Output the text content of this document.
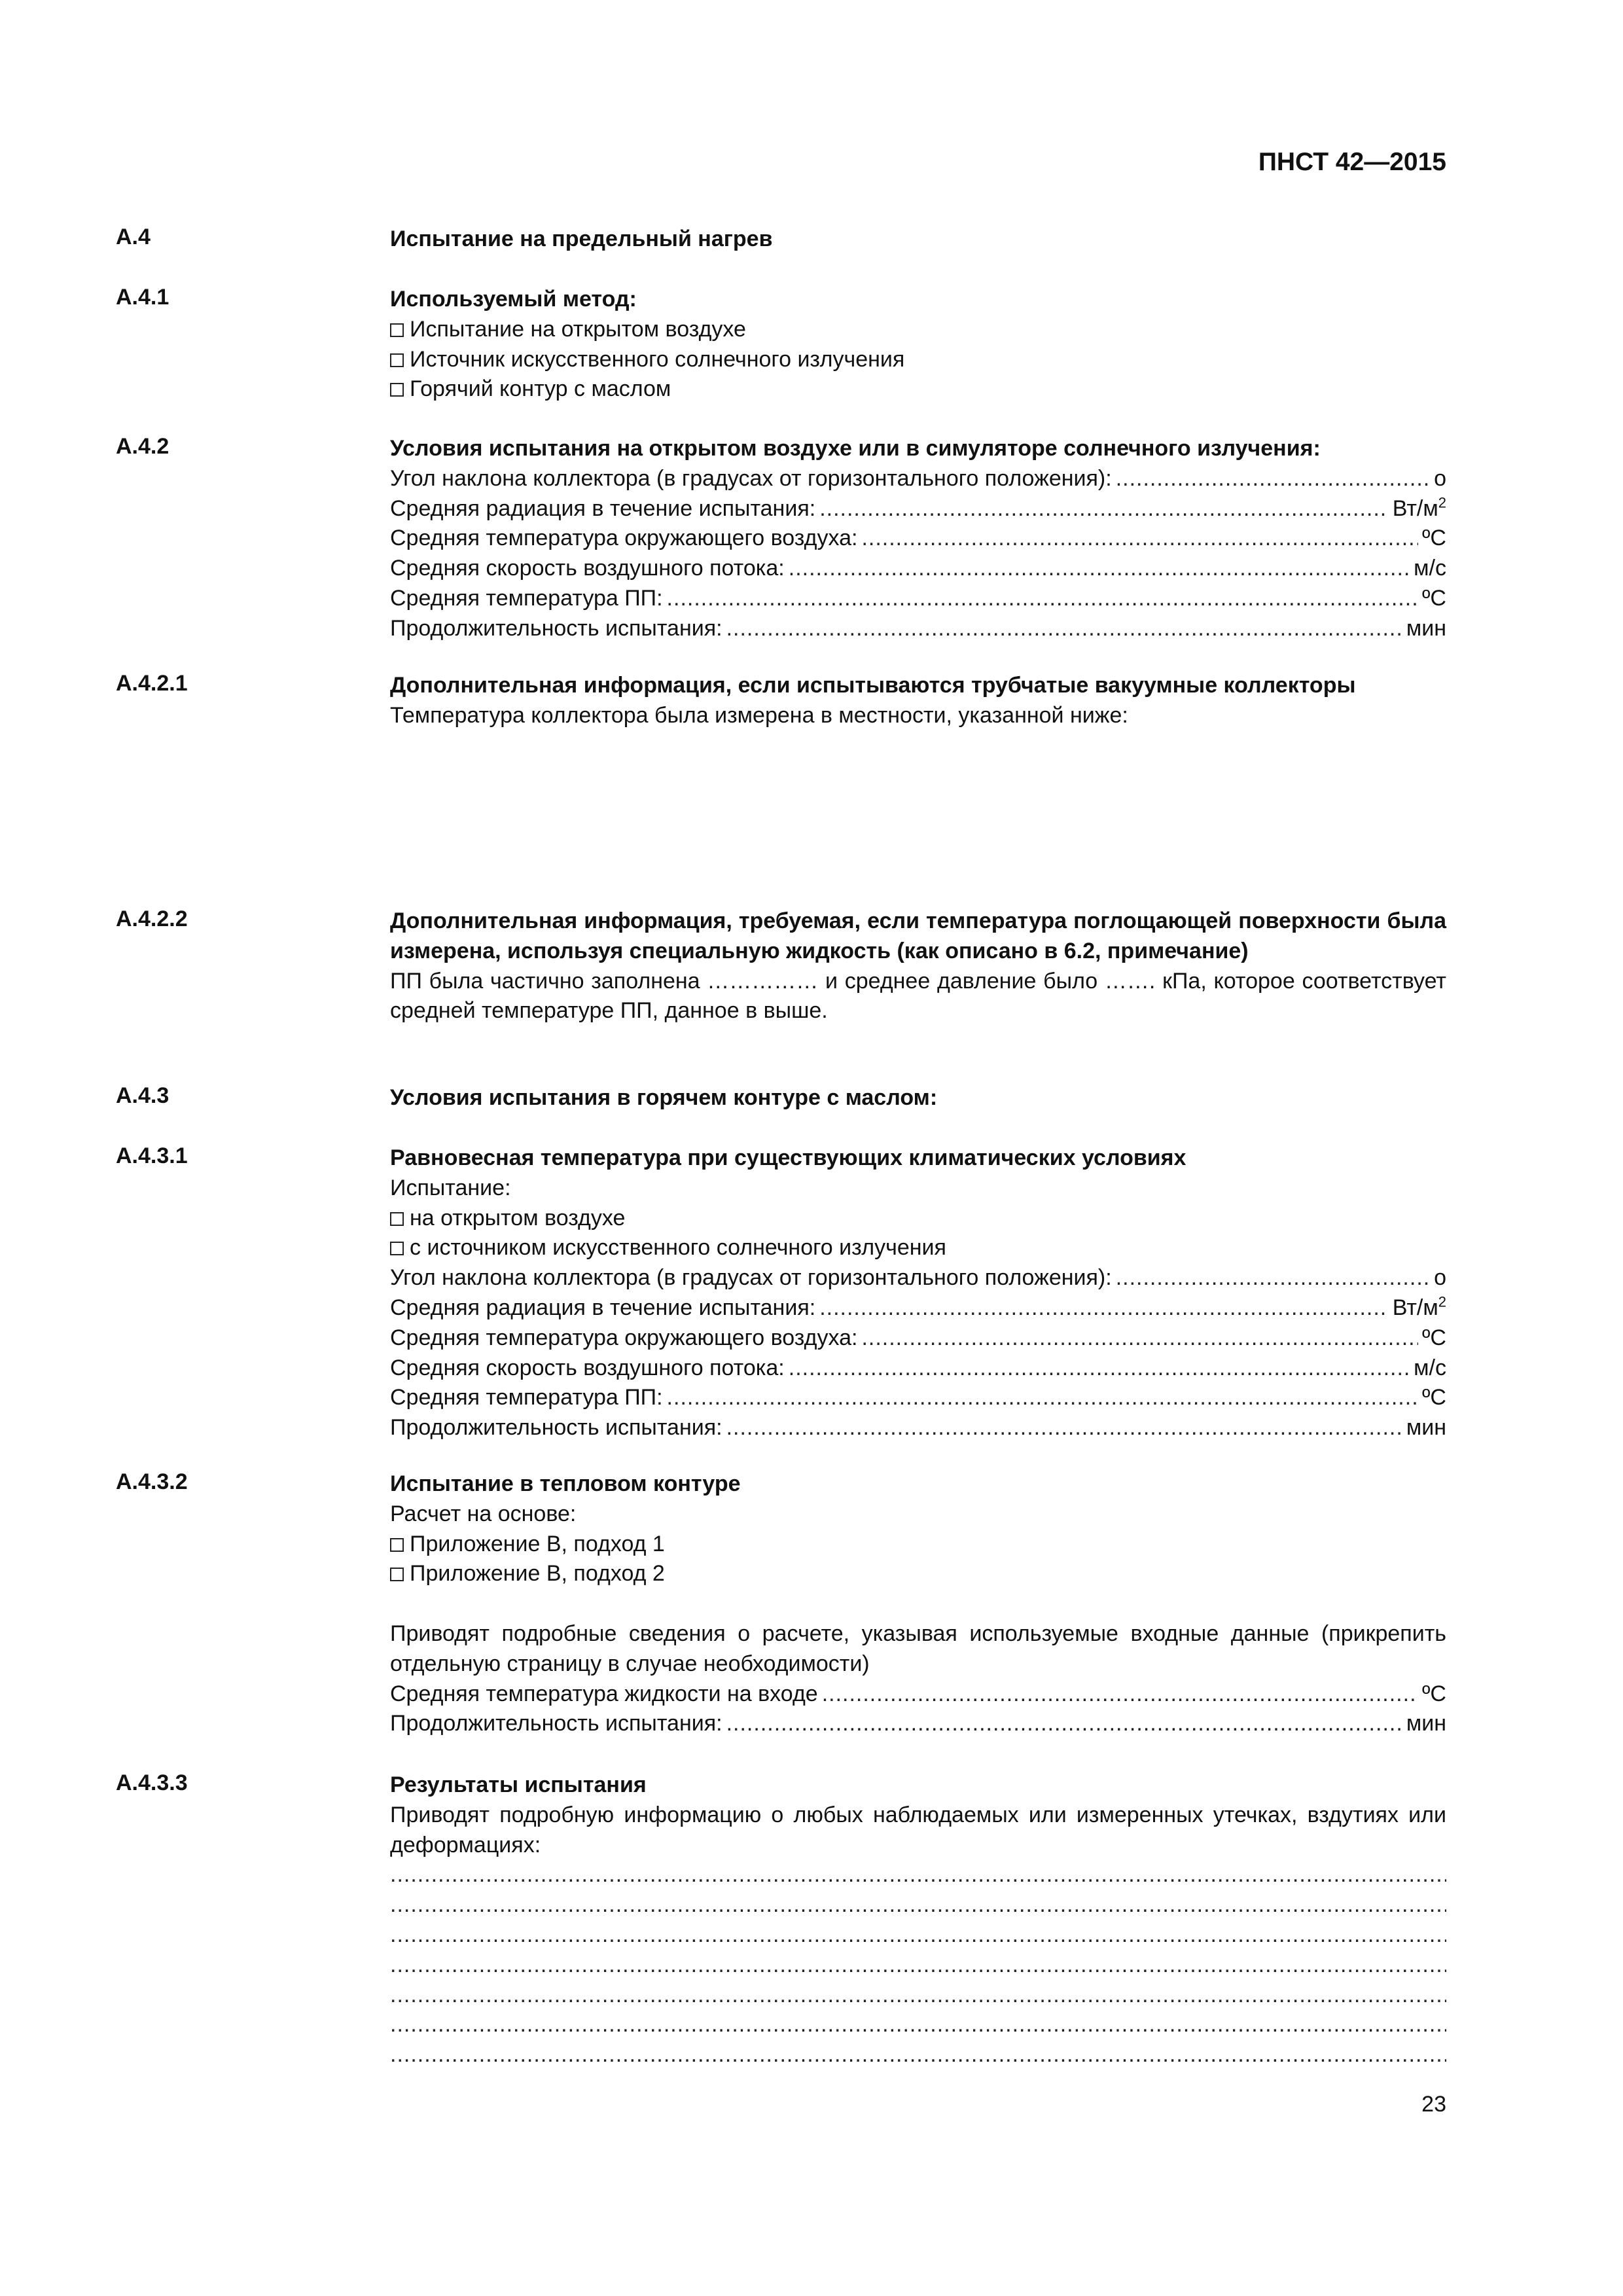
ПНСТ 42—2015
А.4	Испытание на предельный нагрев
А.4.1	Используемый метод:
Испытание на открытом воздухе
Источник искусственного солнечного излучения
Горячий контур с маслом
А.4.2	Условия испытания на открытом воздухе или в симуляторе солнечного излучения:
Угол наклона коллектора (в градусах от горизонтального положения): .....	о
Средняя радиация в течение испытания: .....	$Вт/м^2$
Средняя температура окружающего воздуха: .....	ºС
Средняя скорость воздушного потока: .....	м/с
Средняя температура ПП: .....	ºС
Продолжительность испытания: .....	мин
А.4.2.1	Дополнительная информация, если испытываются трубчатые вакуумные коллекторы
Температура коллектора была измерена в местности, указанной ниже:
А.4.2.2	Дополнительная информация, требуемая, если температура поглощающей поверхности была измерена, используя специальную жидкость (как описано в 6.2, примечание)
ПП была частично заполнена …………… и среднее давление было ……. кПа, которое соответствует средней температуре ПП, данное в выше.
А.4.3	Условия испытания в горячем контуре с маслом:
А.4.3.1	Равновесная температура при существующих климатических условиях
Испытание:
на открытом воздухе
с источником искусственного солнечного излучения
Угол наклона коллектора (в градусах от горизонтального положения): .....	о
Средняя радиация в течение испытания: .....	$Вт/м^2$
Средняя температура окружающего воздуха: .....	ºС
Средняя скорость воздушного потока: .....	м/с
Средняя температура ПП: .....	ºС
Продолжительность испытания: .....	мин
А.4.3.2	Испытание в тепловом контуре
Расчет на основе:
Приложение В, подход 1
Приложение В, подход 2
Приводят подробные сведения о расчете, указывая используемые входные данные (прикрепить отдельную страницу в случае необходимости)
Средняя температура жидкости на входе .....	ºС
Продолжительность испытания: .....	мин
А.4.3.3	Результаты испытания
Приводят подробную информацию о любых наблюдаемых или измеренных утечках, вздутиях или деформациях:
.....
.....
.....
.....
.....
.....
.....
23
